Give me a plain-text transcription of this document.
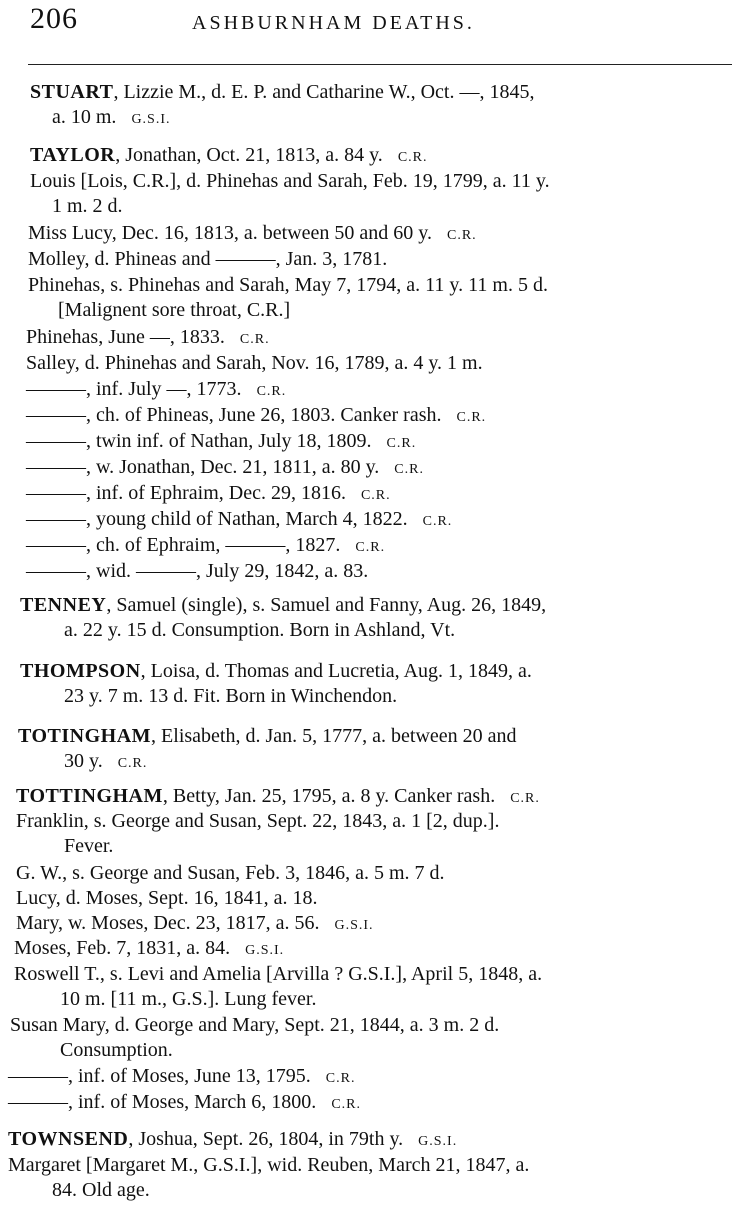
206	ASHBURNHAM DEATHS.
STUART, Lizzie M., d. E. P. and Catharine W., Oct. —, 1845,
a. 10 m. G.S.I.
TAYLOR, Jonathan, Oct. 21, 1813, a. 84 y. C.R.
Louis [Lois, C.R.], d. Phinehas and Sarah, Feb. 19, 1799, a. 11 y.
1 m. 2 d.
Miss Lucy, Dec. 16, 1813, a. between 50 and 60 y. C.R.
Molley, d. Phineas and ———, Jan. 3, 1781.
Phinehas, s. Phinehas and Sarah, May 7, 1794, a. 11 y. 11 m. 5 d.
[Malignent sore throat, C.R.]
Phinehas, June —, 1833. C.R.
Salley, d. Phinehas and Sarah, Nov. 16, 1789, a. 4 y. 1 m.
———, inf. July —, 1773. C.R.
———, ch. of Phineas, June 26, 1803. Canker rash. C.R.
———, twin inf. of Nathan, July 18, 1809. C.R.
———, w. Jonathan, Dec. 21, 1811, a. 80 y. C.R.
———, inf. of Ephraim, Dec. 29, 1816. C.R.
———, young child of Nathan, March 4, 1822. C.R.
———, ch. of Ephraim, ———, 1827. C.R.
———, wid. ———, July 29, 1842, a. 83.
TENNEY, Samuel (single), s. Samuel and Fanny, Aug. 26, 1849,
a. 22 y. 15 d. Consumption. Born in Ashland, Vt.
THOMPSON, Loisa, d. Thomas and Lucretia, Aug. 1, 1849, a.
23 y. 7 m. 13 d. Fit. Born in Winchendon.
TOTINGHAM, Elisabeth, d. Jan. 5, 1777, a. between 20 and
30 y. C.R.
TOTTINGHAM, Betty, Jan. 25, 1795, a. 8 y. Canker rash. C.R.
Franklin, s. George and Susan, Sept. 22, 1843, a. 1 [2, dup.].
Fever.
G. W., s. George and Susan, Feb. 3, 1846, a. 5 m. 7 d.
Lucy, d. Moses, Sept. 16, 1841, a. 18.
Mary, w. Moses, Dec. 23, 1817, a. 56. G.S.I.
Moses, Feb. 7, 1831, a. 84. G.S.I.
Roswell T., s. Levi and Amelia [Arvilla ? G.S.I.], April 5, 1848, a.
10 m. [11 m., G.S.]. Lung fever.
Susan Mary, d. George and Mary, Sept. 21, 1844, a. 3 m. 2 d.
Consumption.
———, inf. of Moses, June 13, 1795. C.R.
———, inf. of Moses, March 6, 1800. C.R.
TOWNSEND, Joshua, Sept. 26, 1804, in 79th y. G.S.I.
Margaret [Margaret M., G.S.I.], wid. Reuben, March 21, 1847, a.
84. Old age.
